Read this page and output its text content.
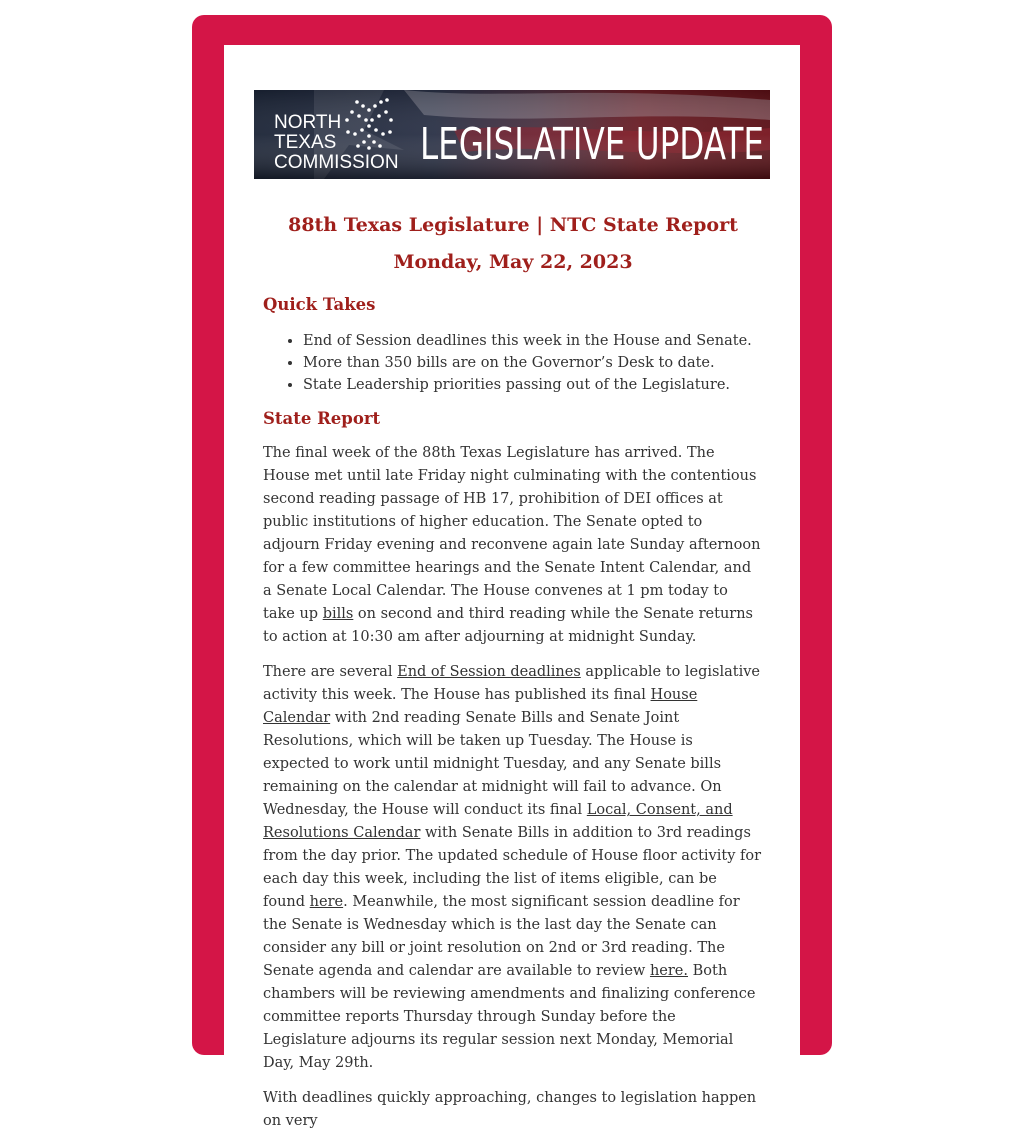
NORTH
TEXAS
COMMISSION LEGISLATIVE UPDATE
88th Texas Legislature | NTC State Report
Monday, May 22, 2023
Quick Takes
• End of Session deadlines this week in the House and Senate.
• More than 350 bills are on the Governor’s Desk to date.
• State Leadership priorities passing out of the Legislature.
State Report

The final week of the 88th Texas Legislature has arrived. The House met until late Friday night culminating with the contentious second reading passage of HB 17, prohibition of DEI offices at public institutions of higher education. The Senate opted to adjourn Friday evening and reconvene again late Sunday afternoon for a few committee hearings and the Senate Intent Calendar, and a Senate Local Calendar. The House convenes at 1 pm today to take up bills on second and third reading while the Senate returns to action at 10:30 am after adjourning at midnight Sunday.

There are several End of Session deadlines applicable to legislative activity this week. The House has published its final House Calendar with 2nd reading Senate Bills and Senate Joint Resolutions, which will be taken up Tuesday. The House is expected to work until midnight Tuesday, and any Senate bills remaining on the calendar at midnight will fail to advance. On Wednesday, the House will conduct its final Local, Consent, and Resolutions Calendar with Senate Bills in addition to 3rd readings from the day prior. The updated schedule of House floor activity for each day this week, including the list of items eligible, can be found here. Meanwhile, the most significant session deadline for the Senate is Wednesday which is the last day the Senate can consider any bill or joint resolution on 2nd or 3rd reading. The Senate agenda and calendar are available to review here. Both chambers will be reviewing amendments and finalizing conference committee reports Thursday through Sunday before the Legislature adjourns its regular session next Monday, Memorial Day, May 29th.

With deadlines quickly approaching, changes to legislation happen on very
